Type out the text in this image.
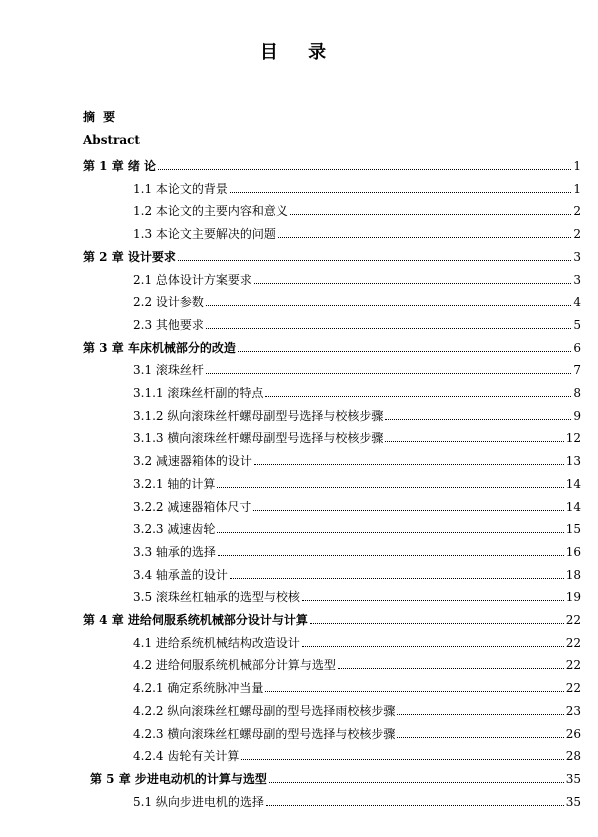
目 录
摘 要
Abstract
第 1 章 绪 论	1
1.1 本论文的背景	1
1.2 本论文的主要内容和意义	2
1.3 本论文主要解决的问题	2
第 2 章 设计要求	3
2.1 总体设计方案要求	3
2.2 设计参数	4
2.3 其他要求	5
第 3 章 车床机械部分的改造	6
3.1 滚珠丝杆	7
3.1.1 滚珠丝杆副的特点	8
3.1.2 纵向滚珠丝杆螺母副型号选择与校核步骤	9
3.1.3 横向滚珠丝杆螺母副型号选择与校核步骤	12
3.2 减速器箱体的设计	13
3.2.1 轴的计算	14
3.2.2 减速器箱体尺寸	14
3.2.3 减速齿轮	15
3.3 轴承的选择	16
3.4 轴承盖的设计	18
3.5 滚珠丝杠轴承的选型与校核	19
第 4 章 进给伺服系统机械部分设计与计算	22
4.1 进给系统机械结构改造设计	22
4.2 进给伺服系统机械部分计算与选型	22
4.2.1 确定系统脉冲当量	22
4.2.2 纵向滚珠丝杠螺母副的型号选择雨校核步骤	23
4.2.3 横向滚珠丝杠螺母副的型号选择与校核步骤	26
4.2.4 齿轮有关计算	28
第 5 章 步进电动机的计算与选型	35
5.1 纵向步进电机的选择	35
